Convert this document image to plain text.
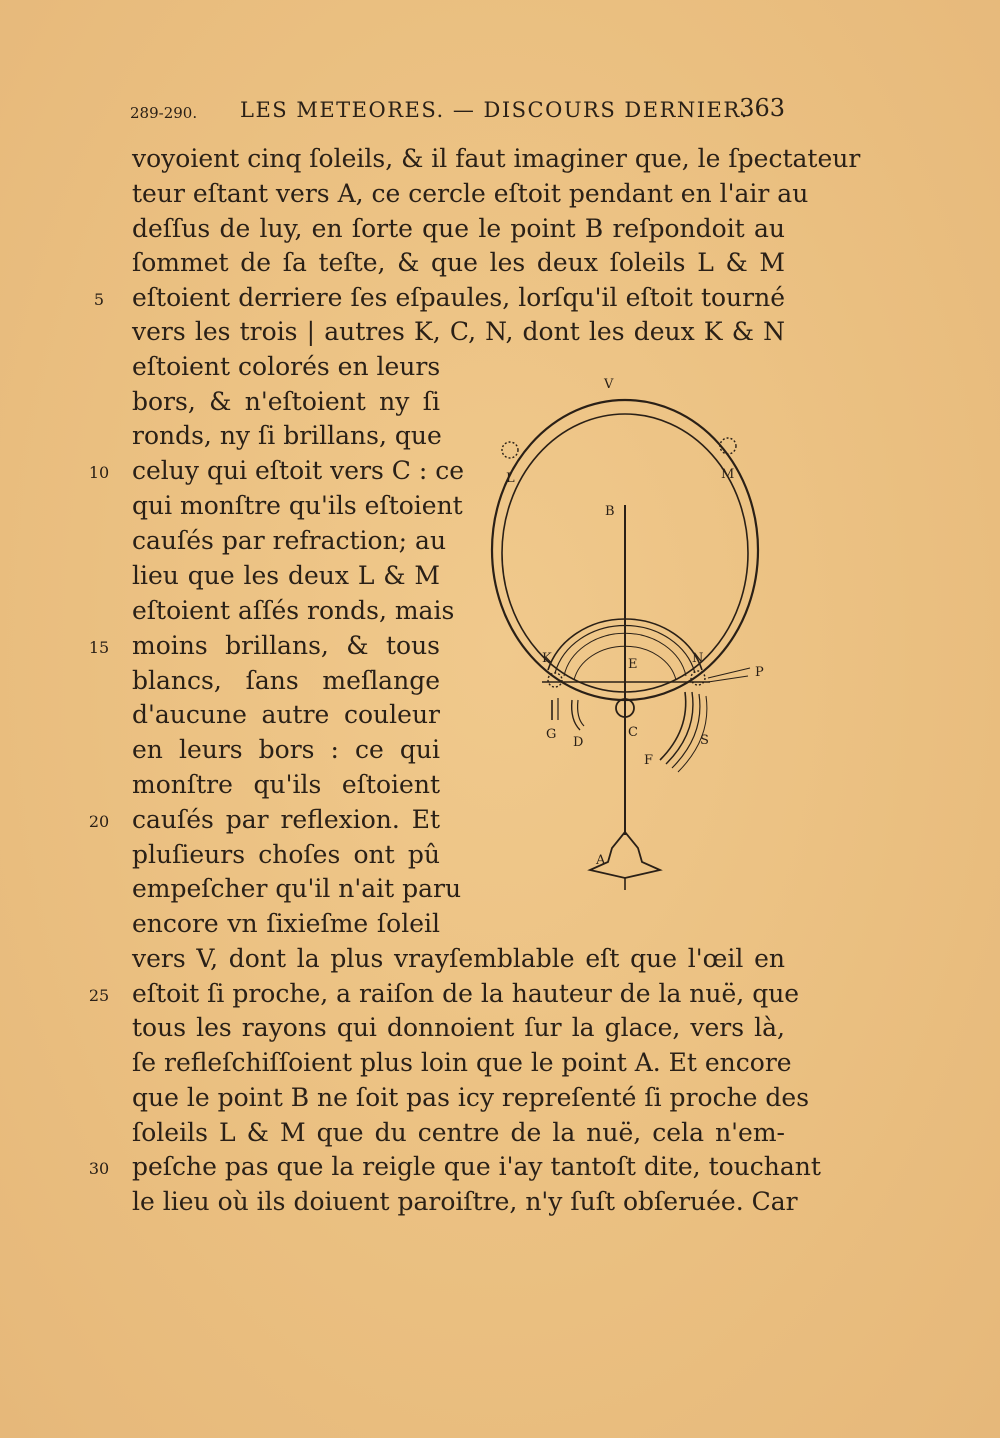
289-290. LES METEORES. — DISCOURS DERNIER.
363
voyoient cinq ſoleils, & il faut imaginer que, le ſpectateur
teur eſtant vers A, ce cercle eſtoit pendant en l'air au
deſſus de luy, en ſorte que le point B reſpondoit au
ſommet de ſa teſte, & que les deux ſoleils L & M
eſtoient derriere ſes eſpaules, lorſqu'il eſtoit tourné
vers les trois | autres K, C, N, dont les deux K & N
eſtoient colorés en leurs
bors, & n'eſtoient ny ſi
ronds, ny ſi brillans, que
celuy qui eſtoit vers C : ce
qui monſtre qu'ils eſtoient
cauſés par refraction; au
lieu que les deux L & M
eſtoient aſſés ronds, mais
moins brillans, & tous
blancs, ſans meſlange
d'aucune autre couleur
en leurs bors : ce qui
monſtre qu'ils eſtoient
cauſés par reflexion. Et
pluſieurs choſes ont pû
empeſcher qu'il n'ait paru
encore vn ſixieſme ſoleil
vers V, dont la plus vrayſemblable eſt que l'œil en
eſtoit ſi proche, a raiſon de la hauteur de la nuë, que
tous les rayons qui donnoient ſur la glace, vers là,
ſe refleſchiſſoient plus loin que le point A. Et encore
que le point B ne ſoit pas icy repreſenté ſi proche des
ſoleils L & M que du centre de la nuë, cela n'em-
peſche pas que la reigle que i'ay tantoſt dite, touchant
le lieu où ils doiuent paroiſtre, n'y ſuſt obſeruée. Car
5
10
15
20
25
30
V
L	M
B
K	N
E
P
G
D
C
F
S
A
